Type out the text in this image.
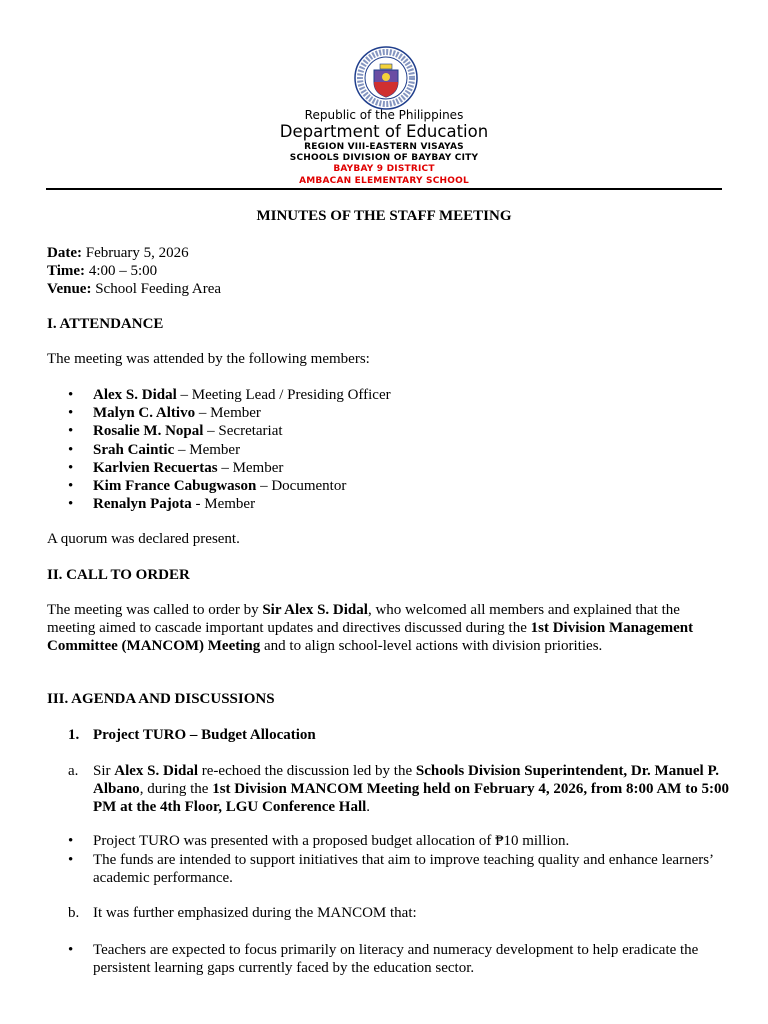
Republic of the Philippines
Department of Education
REGION VIII-EASTERN VISAYAS
SCHOOLS DIVISION OF BAYBAY CITY
BAYBAY 9 DISTRICT
AMBACAN ELEMENTARY SCHOOL
MINUTES OF THE STAFF MEETING
Date: February 5, 2026
Time: 4:00 – 5:00
Venue: School Feeding Area
I. ATTENDANCE
The meeting was attended by the following members:
• Alex S. Didal – Meeting Lead / Presiding Officer
• Malyn C. Altivo – Member
• Rosalie M. Nopal – Secretariat
• Srah Caintic – Member
• Karlvien Recuertas – Member
• Kim France Cabugwason – Documentor
• Renalyn Pajota - Member
A quorum was declared present.
II. CALL TO ORDER
The meeting was called to order by Sir Alex S. Didal, who welcomed all members and explained that the meeting aimed to cascade important updates and directives discussed during the 1st Division Management Committee (MANCOM) Meeting and to align school-level actions with division priorities.
III. AGENDA AND DISCUSSIONS
1. Project TURO – Budget Allocation
a. Sir Alex S. Didal re-echoed the discussion led by the Schools Division Superintendent, Dr. Manuel P. Albano, during the 1st Division MANCOM Meeting held on February 4, 2026, from 8:00 AM to 5:00 PM at the 4th Floor, LGU Conference Hall.
• Project TURO was presented with a proposed budget allocation of ₱10 million.
• The funds are intended to support initiatives that aim to improve teaching quality and enhance learners’ academic performance.
b. It was further emphasized during the MANCOM that:
• Teachers are expected to focus primarily on literacy and numeracy development to help eradicate the persistent learning gaps currently faced by the education sector.
